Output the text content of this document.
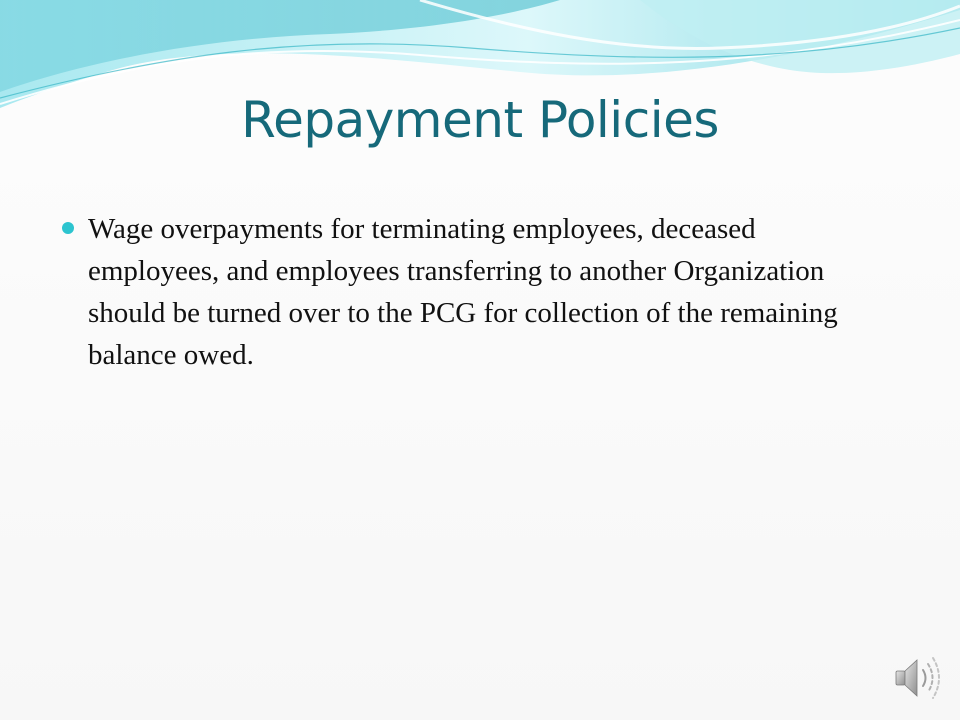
Repayment Policies
Wage overpayments for terminating employees, deceased employees, and employees transferring to another Organization should be turned over to the PCG for collection of the remaining balance owed.
